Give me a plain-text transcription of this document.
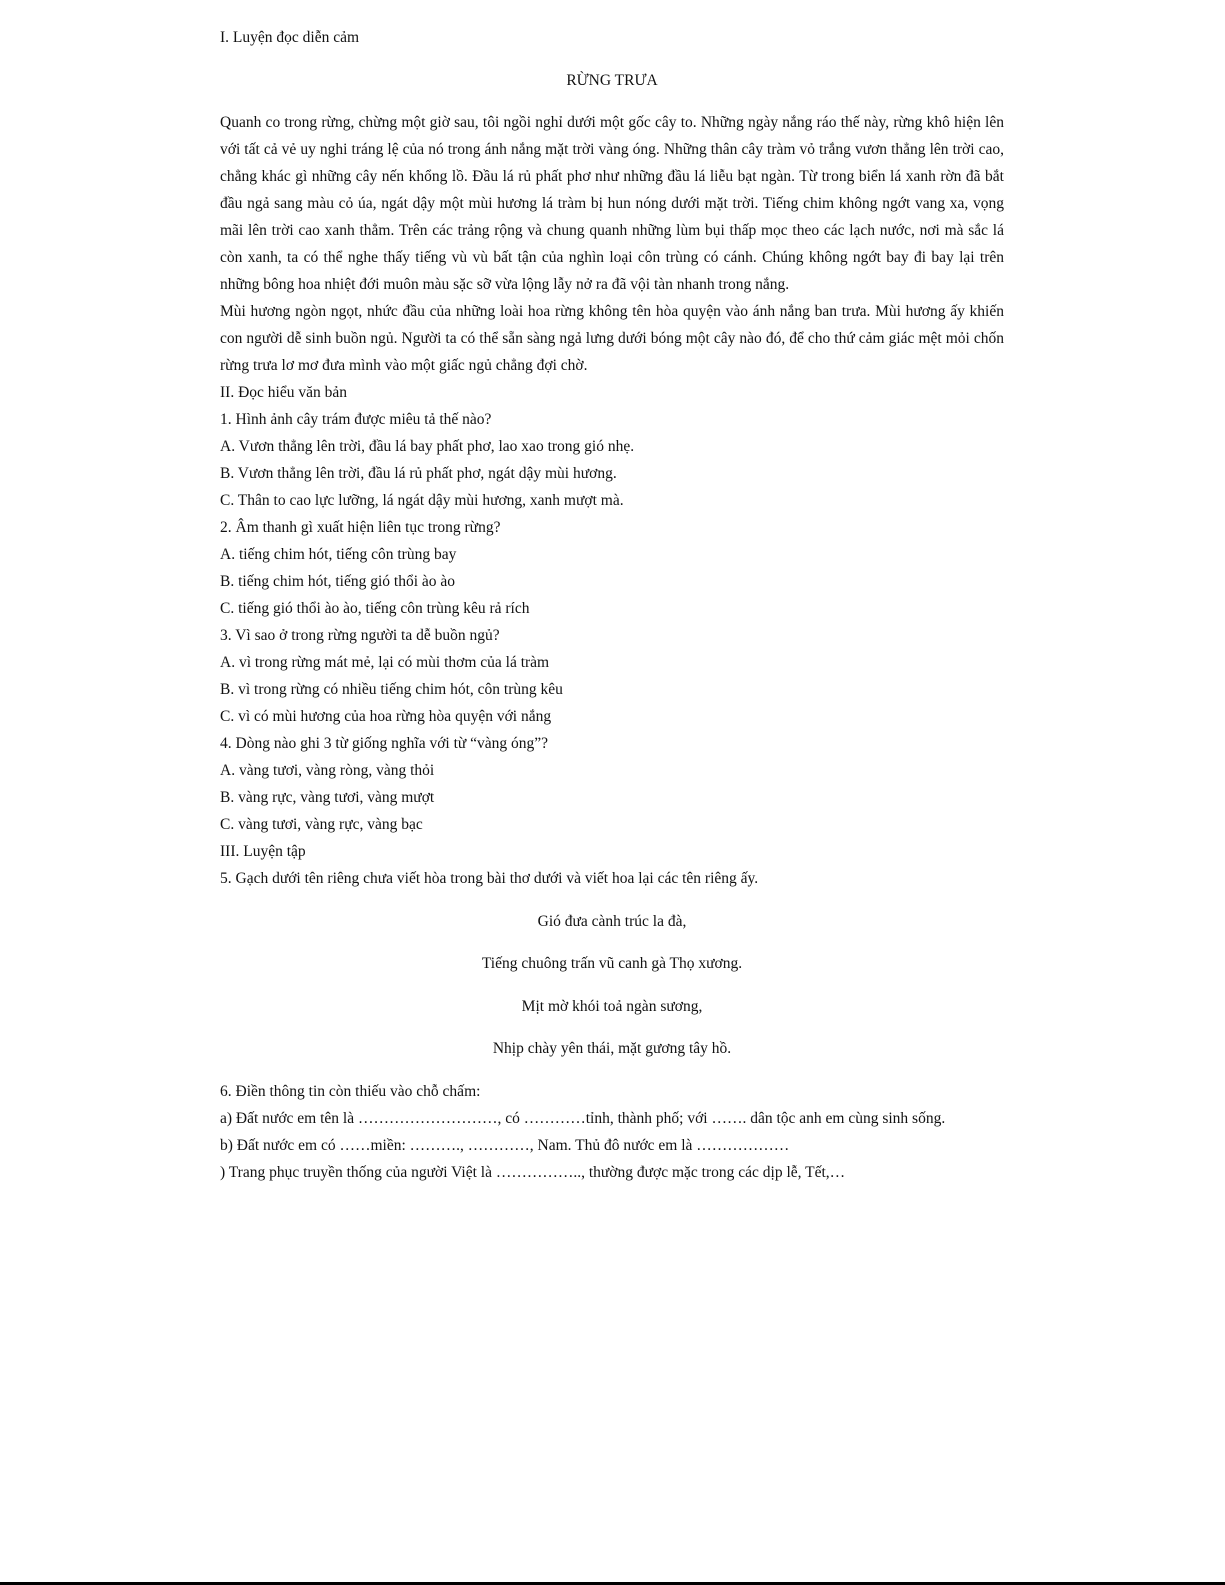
I. Luyện đọc diễn cảm

RỪNG TRƯA

Quanh co trong rừng, chừng một giờ sau, tôi ngồi nghỉ dưới một gốc cây to. Những ngày nắng ráo thế này, rừng khô hiện lên với tất cả vẻ uy nghi tráng lệ của nó trong ánh nắng mặt trời vàng óng. Những thân cây tràm vỏ trắng vươn thẳng lên trời cao, chẳng khác gì những cây nến khổng lồ. Đầu lá rủ phất phơ như những đầu lá liễu bạt ngàn. Từ trong biển lá xanh rờn đã bắt đầu ngả sang màu cỏ úa, ngát dậy một mùi hương lá tràm bị hun nóng dưới mặt trời. Tiếng chim không ngớt vang xa, vọng mãi lên trời cao xanh thẳm. Trên các trảng rộng và chung quanh những lùm bụi thấp mọc theo các lạch nước, nơi mà sắc lá còn xanh, ta có thể nghe thấy tiếng vù vù bất tận của nghìn loại côn trùng có cánh. Chúng không ngớt bay đi bay lại trên những bông hoa nhiệt đới muôn màu sặc sỡ vừa lộng lẫy nở ra đã vội tàn nhanh trong nắng.

Mùi hương ngòn ngọt, nhức đầu của những loài hoa rừng không tên hòa quyện vào ánh nắng ban trưa. Mùi hương ấy khiến con người dễ sinh buồn ngủ. Người ta có thể sẵn sàng ngả lưng dưới bóng một cây nào đó, để cho thứ cảm giác mệt mỏi chốn rừng trưa lơ mơ đưa mình vào một giấc ngủ chẳng đợi chờ.

II. Đọc hiểu văn bản

1. Hình ảnh cây trám được miêu tả thế nào?

A. Vươn thẳng lên trời, đầu lá bay phất phơ, lao xao trong gió nhẹ.

B. Vươn thẳng lên trời, đầu lá rủ phất phơ, ngát dậy mùi hương.

C. Thân to cao lực lưỡng, lá ngát dậy mùi hương, xanh mượt mà.

2. Âm thanh gì xuất hiện liên tục trong rừng?

A. tiếng chim hót, tiếng côn trùng bay

B. tiếng chim hót, tiếng gió thổi ào ào

C. tiếng gió thổi ào ào, tiếng côn trùng kêu rả rích

3. Vì sao ở trong rừng người ta dễ buồn ngủ?

A. vì trong rừng mát mẻ, lại có mùi thơm của lá tràm

B. vì trong rừng có nhiều tiếng chim hót, côn trùng kêu

C. vì có mùi hương của hoa rừng hòa quyện với nắng

4. Dòng nào ghi 3 từ giống nghĩa với từ “vàng óng”?

A. vàng tươi, vàng ròng, vàng thỏi

B. vàng rực, vàng tươi, vàng mượt

C. vàng tươi, vàng rực, vàng bạc

III. Luyện tập

5. Gạch dưới tên riêng chưa viết hòa trong bài thơ dưới và viết hoa lại các tên riêng ấy.

Gió đưa cành trúc la đà,

Tiếng chuông trấn vũ canh gà Thọ xương.

Mịt mờ khói toả ngàn sương,

Nhịp chày yên thái, mặt gương tây hồ.

6. Điền thông tin còn thiếu vào chỗ chấm:

a) Đất nước em tên là ………………………, có …………tỉnh, thành phố; với ……. dân tộc anh em cùng sinh sống.

b) Đất nước em có ……miền: ………., …………, Nam. Thủ đô nước em là ………………

) Trang phục truyền thống của người Việt là …………….., thường được mặc trong các dịp lễ, Tết,…
